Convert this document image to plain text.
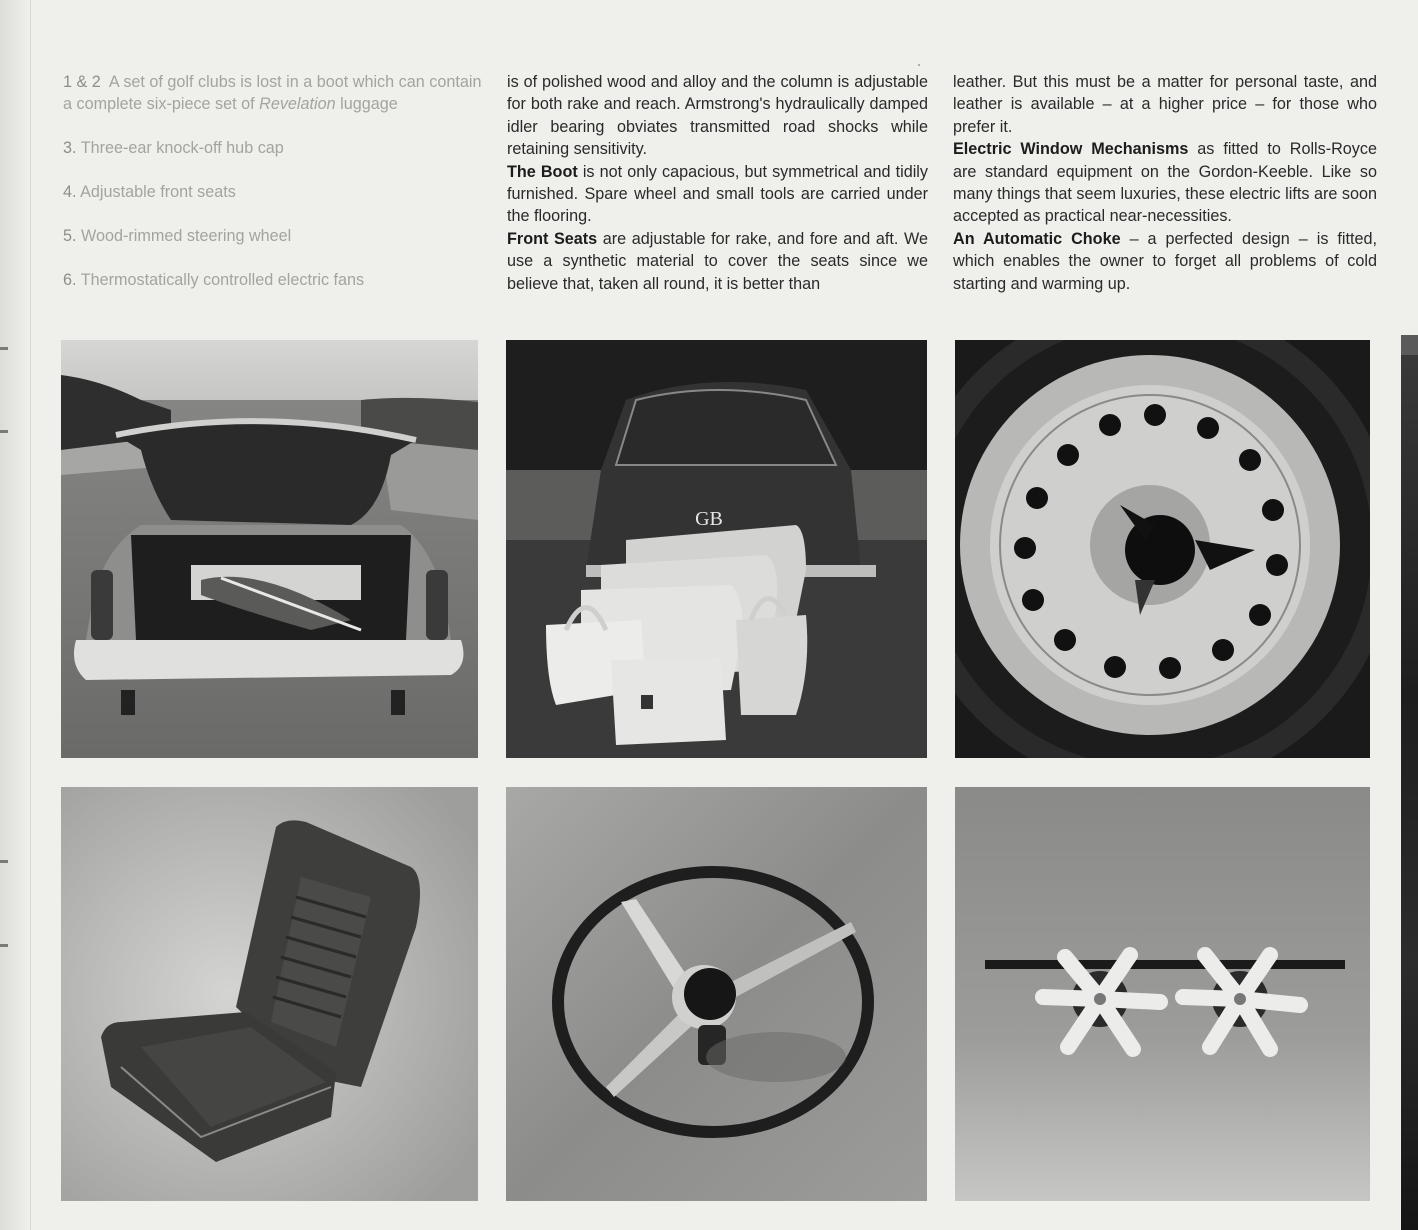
1 & 2 A set of golf clubs is lost in a boot which can contain a complete six-piece set of Revelation luggage

3. Three-ear knock-off hub cap

4. Adjustable front seats

5. Wood-rimmed steering wheel

6. Thermostatically controlled electric fans

is of polished wood and alloy and the column is adjustable for both rake and reach. Armstrong's hydraulically damped idler bearing obviates transmitted road shocks while retaining sensitivity.

The Boot is not only capacious, but symmetrical and tidily furnished. Spare wheel and small tools are carried under the flooring.

Front Seats are adjustable for rake, and fore and aft. We use a synthetic material to cover the seats since we believe that, taken all round, it is better than

leather. But this must be a matter for personal taste, and leather is available – at a higher price – for those who prefer it.

Electric Window Mechanisms as fitted to Rolls-Royce are standard equipment on the Gordon-Keeble. Like so many things that seem luxuries, these electric lifts are soon accepted as practical near-necessities.

An Automatic Choke – a perfected design – is fitted, which enables the owner to forget all problems of cold starting and warming up.

GB
